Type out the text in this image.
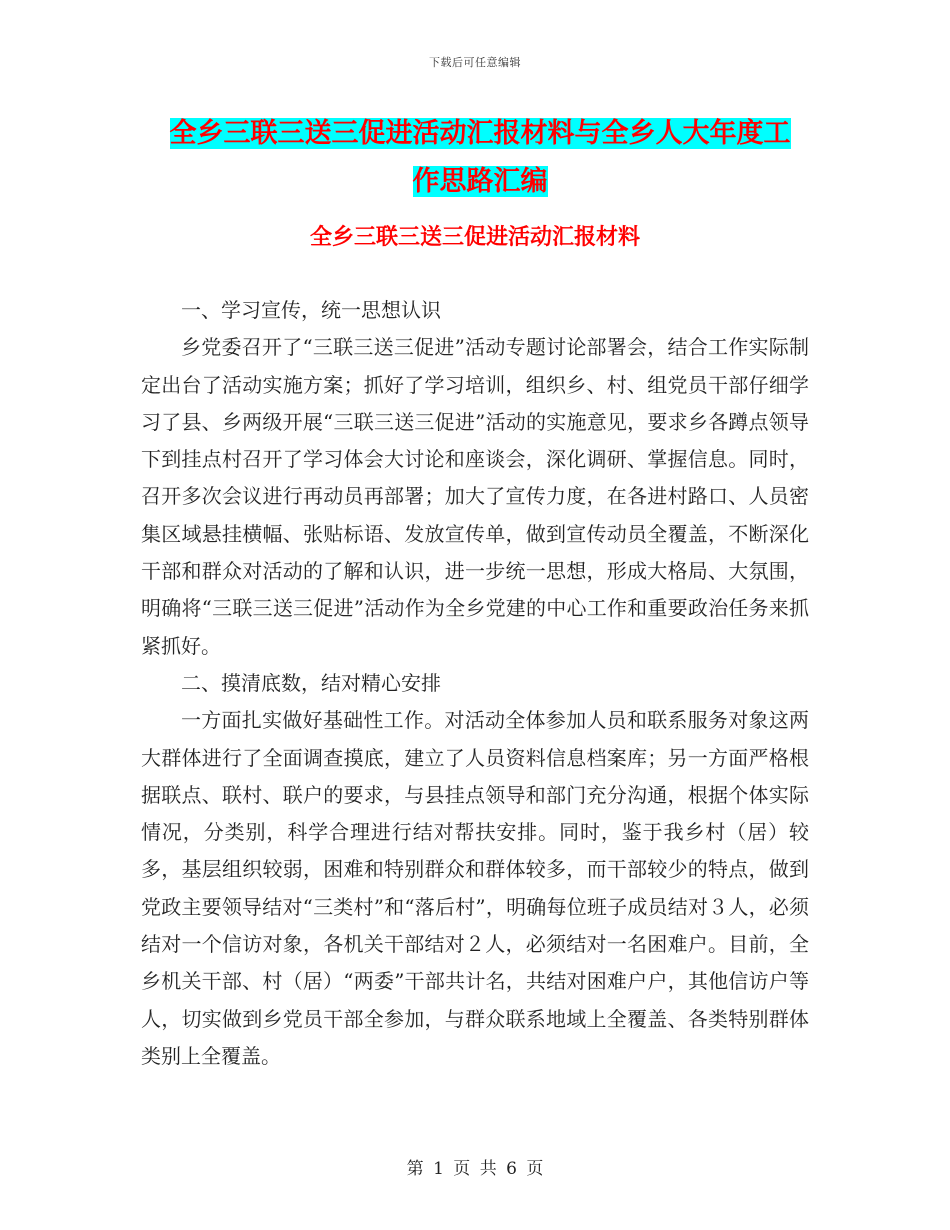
下载后可任意编辑
全乡三联三送三促进活动汇报材料与全乡人大年度工
作思路汇编
全乡三联三送三促进活动汇报材料

一、学习宣传，统一思想认识

乡党委召开了“三联三送三促进”活动专题讨论部署会，结合工作实际制定出台了活动实施方案；抓好了学习培训，组织乡、村、组党员干部仔细学习了县、乡两级开展“三联三送三促进”活动的实施意见，要求乡各蹲点领导下到挂点村召开了学习体会大讨论和座谈会，深化调研、掌握信息。同时，召开多次会议进行再动员再部署；加大了宣传力度，在各进村路口、人员密集区域悬挂横幅、张贴标语、发放宣传单，做到宣传动员全覆盖，不断深化干部和群众对活动的了解和认识，进一步统一思想，形成大格局、大氛围，明确将“三联三送三促进”活动作为全乡党建的中心工作和重要政治任务来抓紧抓好。

二、摸清底数，结对精心安排

一方面扎实做好基础性工作。对活动全体参加人员和联系服务对象这两大群体进行了全面调查摸底，建立了人员资料信息档案库；另一方面严格根据联点、联村、联户的要求，与县挂点领导和部门充分沟通，根据个体实际情况，分类别，科学合理进行结对帮扶安排。同时，鉴于我乡村（居）较多，基层组织较弱，困难和特别群众和群体较多，而干部较少的特点，做到党政主要领导结对“三类村”和“落后村”，明确每位班子成员结对３人，必须结对一个信访对象，各机关干部结对２人，必须结对一名困难户。目前，全乡机关干部、村（居）“两委”干部共计名，共结对困难户户，其他信访户等人，切实做到乡党员干部全参加，与群众联系地域上全覆盖、各类特别群体类别上全覆盖。

第 1 页 共 6 页
